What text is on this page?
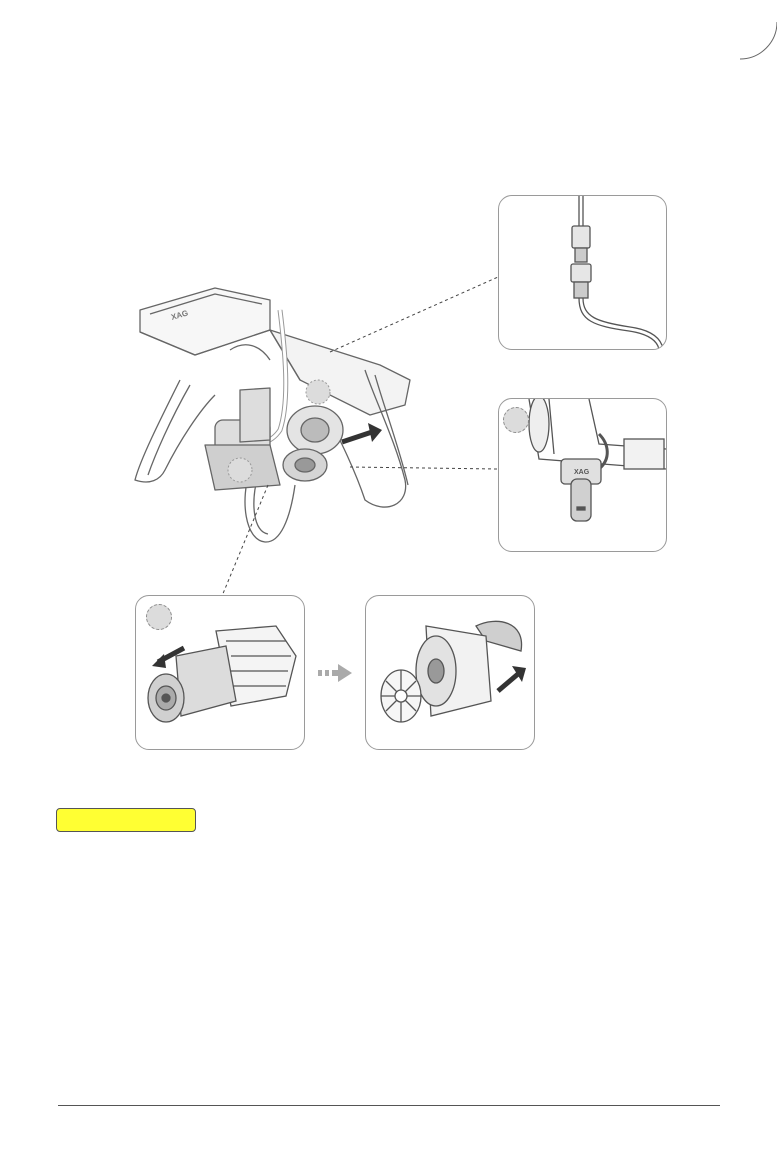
XAG
XAG
